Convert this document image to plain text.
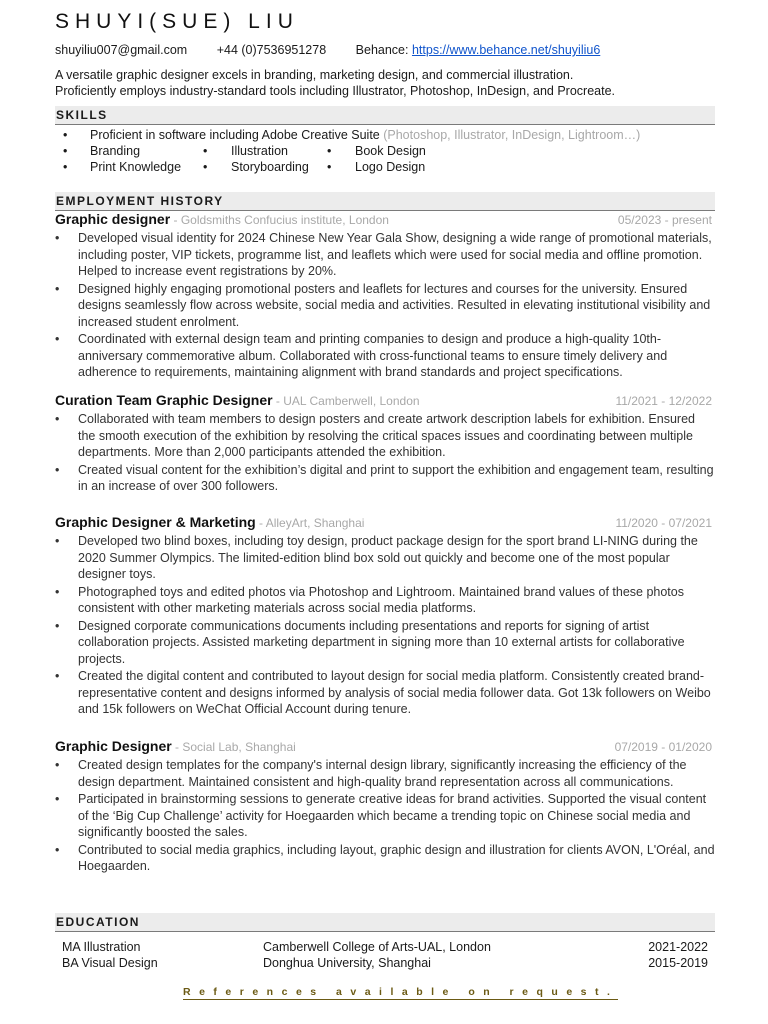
SHUYI(SUE) LIU
shuyiliu007@gmail.com +44 (0)7536951278 Behance: https://www.behance.net/shuyiliu6
A versatile graphic designer excels in branding, marketing design, and commercial illustration.
Proficiently employs industry-standard tools including Illustrator, Photoshop, InDesign, and Procreate.
SKILLS
• Proficient in software including Adobe Creative Suite (Photoshop, Illustrator, InDesign, Lightroom…)
• Branding	• Illustration	• Book Design
• Print Knowledge • Storyboarding • Logo Design
EMPLOYMENT HISTORY
Graphic designer - Goldsmiths Confucius institute, London	05/2023 - present
• Developed visual identity for 2024 Chinese New Year Gala Show, designing a wide range of promotional materials, including poster, VIP tickets, programme list, and leaflets which were used for social media and offline promotion. Helped to increase event registrations by 20%.
• Designed highly engaging promotional posters and leaflets for lectures and courses for the university. Ensured designs seamlessly flow across website, social media and activities. Resulted in elevating institutional visibility and increased student enrolment.
• Coordinated with external design team and printing companies to design and produce a high-quality 10th-anniversary commemorative album. Collaborated with cross-functional teams to ensure timely delivery and adherence to requirements, maintaining alignment with brand standards and project specifications.
Curation Team Graphic Designer - UAL Camberwell, London	11/2021 - 12/2022
• Collaborated with team members to design posters and create artwork description labels for exhibition. Ensured the smooth execution of the exhibition by resolving the critical spaces issues and coordinating between multiple departments. More than 2,000 participants attended the exhibition.
• Created visual content for the exhibition’s digital and print to support the exhibition and engagement team, resulting in an increase of over 300 followers.
Graphic Designer & Marketing - AlleyArt, Shanghai	11/2020 - 07/2021
• Developed two blind boxes, including toy design, product package design for the sport brand LI-NING during the 2020 Summer Olympics. The limited-edition blind box sold out quickly and become one of the most popular designer toys.
• Photographed toys and edited photos via Photoshop and Lightroom. Maintained brand values of these photos consistent with other marketing materials across social media platforms.
• Designed corporate communications documents including presentations and reports for signing of artist collaboration projects. Assisted marketing department in signing more than 10 external artists for collaborative projects.
• Created the digital content and contributed to layout design for social media platform. Consistently created brand-representative content and designs informed by analysis of social media follower data. Got 13k followers on Weibo and 15k followers on WeChat Official Account during tenure.
Graphic Designer - Social Lab, Shanghai	07/2019 - 01/2020
• Created design templates for the company's internal design library, significantly increasing the efficiency of the design department. Maintained consistent and high-quality brand representation across all communications.
• Participated in brainstorming sessions to generate creative ideas for brand activities. Supported the visual content of the ‘Big Cup Challenge’ activity for Hoegaarden which became a trending topic on Chinese social media and significantly boosted the sales.
• Contributed to social media graphics, including layout, graphic design and illustration for clients AVON, L'Oréal, and Hoegaarden.
EDUCATION
MA Illustration	Camberwell College of Arts-UAL, London	2021-2022
BA Visual Design	Donghua University, Shanghai	2015-2019
References available on request.
